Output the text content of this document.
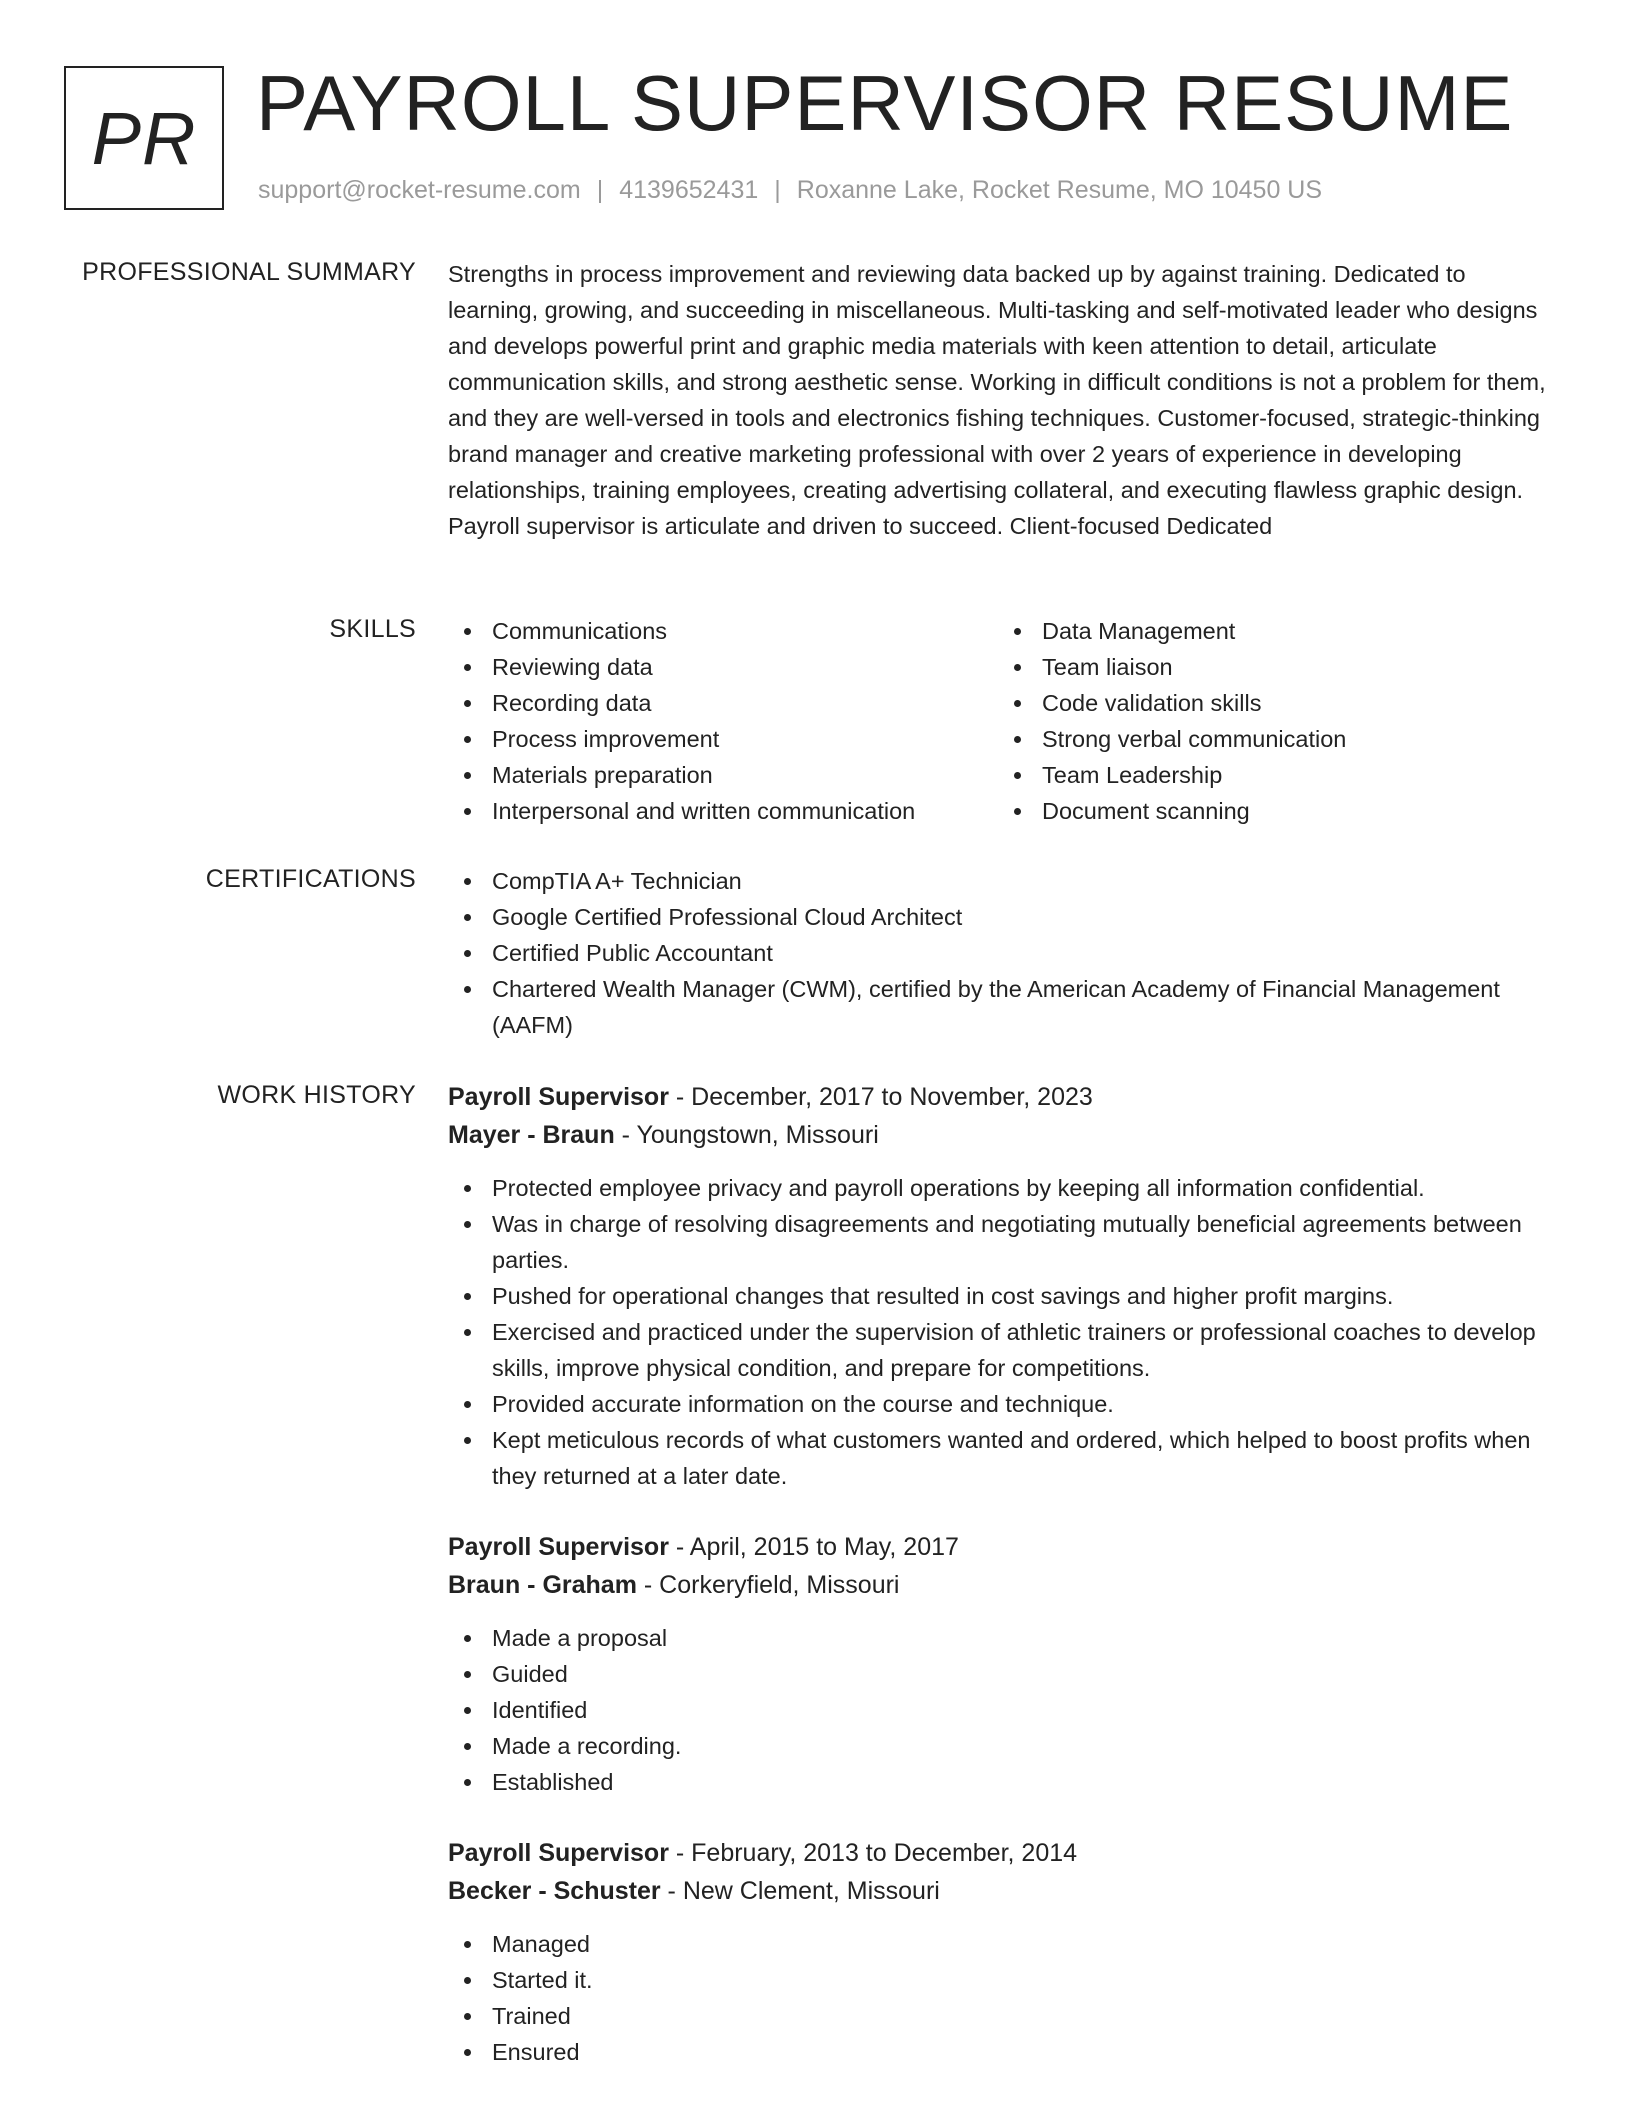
PR PAYROLL SUPERVISOR RESUME
support@rocket-resume.com | 4139652431 | Roxanne Lake, Rocket Resume, MO 10450 US
PROFESSIONAL SUMMARY Strengths in process improvement and reviewing data backed up by against training. Dedicated to learning, growing, and succeeding in miscellaneous. Multi-tasking and self-motivated leader who designs and develops powerful print and graphic media materials with keen attention to detail, articulate communication skills, and strong aesthetic sense. Working in difficult conditions is not a problem for them, and they are well-versed in tools and electronics fishing techniques. Customer-focused, strategic-thinking brand manager and creative marketing professional with over 2 years of experience in developing relationships, training employees, creating advertising collateral, and executing flawless graphic design. Payroll supervisor is articulate and driven to succeed. Client-focused Dedicated

SKILLS	Communications
Reviewing data
Recording data
Process improvement
Materials preparation
Interpersonal and written communication
Data Management
Team liaison
Code validation skills
Strong verbal communication
Team Leadership
Document scanning
CERTIFICATIONS	CompTIA A+ Technician
Google Certified Professional Cloud Architect
Certified Public Accountant
Chartered Wealth Manager (CWM), certified by the American Academy of Financial Management (AAFM)
WORK HISTORY Payroll Supervisor - December, 2017 to November, 2023
Mayer - Braun - Youngstown, Missouri
Protected employee privacy and payroll operations by keeping all information confidential.
Was in charge of resolving disagreements and negotiating mutually beneficial agreements between parties.
Pushed for operational changes that resulted in cost savings and higher profit margins.
Exercised and practiced under the supervision of athletic trainers or professional coaches to develop skills, improve physical condition, and prepare for competitions.
Provided accurate information on the course and technique.
Kept meticulous records of what customers wanted and ordered, which helped to boost profits when they returned at a later date.
Payroll Supervisor - April, 2015 to May, 2017
Braun - Graham - Corkeryfield, Missouri
Made a proposal
Guided
Identified
Made a recording.
Established
Payroll Supervisor - February, 2013 to December, 2014
Becker - Schuster - New Clement, Missouri
Managed
Started it.
Trained
Ensured
